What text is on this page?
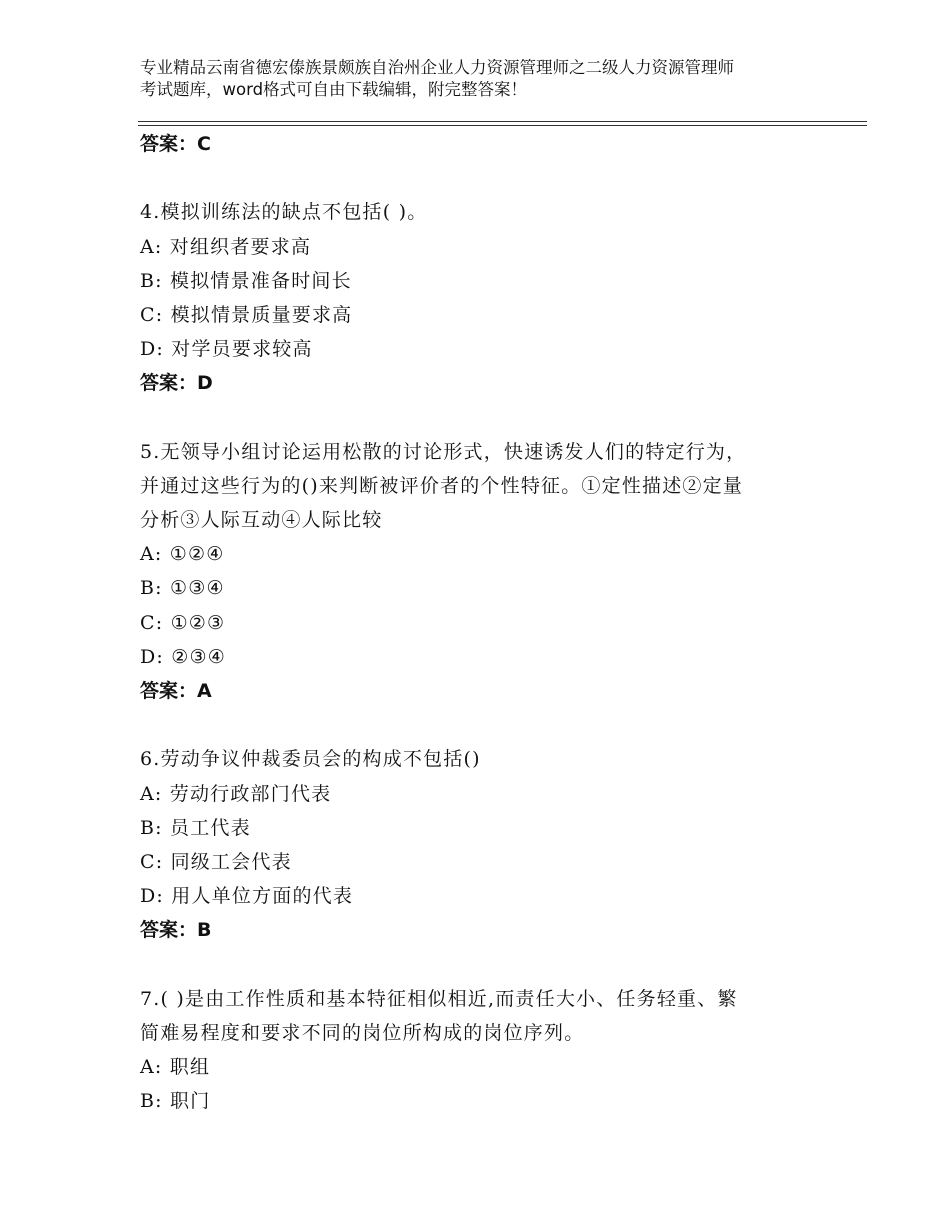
专业精品云南省德宏傣族景颇族自治州企业人力资源管理师之二级人力资源管理师
考试题库，word格式可自由下载编辑，附完整答案！
答案：C
4.模拟训练法的缺点不包括( )。
A: 对组织者要求高
B: 模拟情景准备时间长
C: 模拟情景质量要求高
D: 对学员要求较高
答案：D
5.无领导小组讨论运用松散的讨论形式，快速诱发人们的特定行为，
并通过这些行为的()来判断被评价者的个性特征。①定性描述②定量
分析③人际互动④人际比较
A: ①②④
B: ①③④
C: ①②③
D: ②③④
答案：A
6.劳动争议仲裁委员会的构成不包括()
A: 劳动行政部门代表
B: 员工代表
C: 同级工会代表
D: 用人单位方面的代表
答案：B
7.( )是由工作性质和基本特征相似相近,而责任大小、任务轻重、繁
简难易程度和要求不同的岗位所构成的岗位序列。
A: 职组
B: 职门
